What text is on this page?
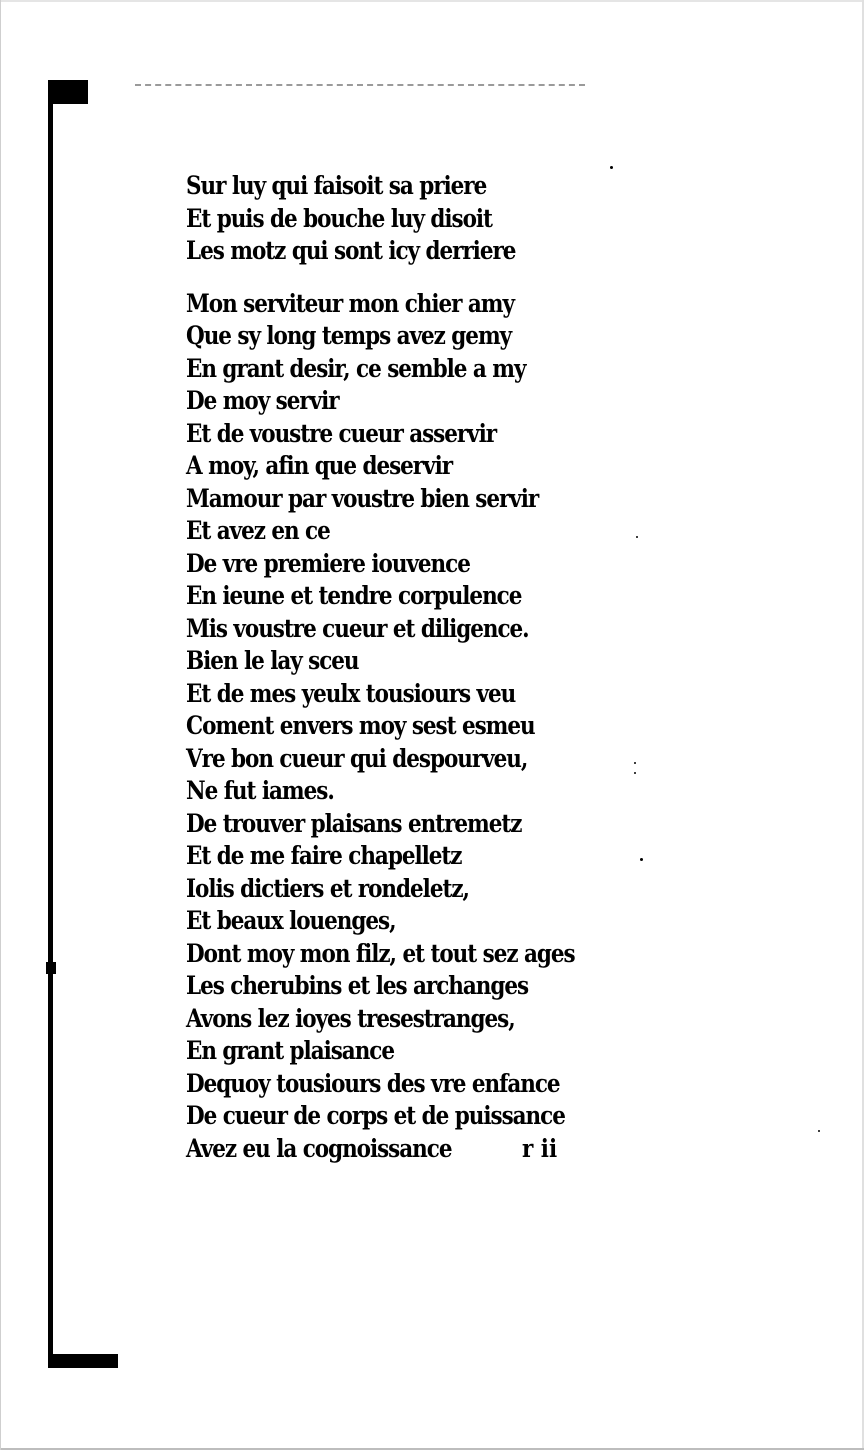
Sur luy qui faisoit sa priere
Et puis de bouche luy disoit
Les motz qui sont icy derriere
Mon serviteur mon chier amy
Que sy long temps avez gemy
En grant desir, ce semble a my
De moy servir
Et de voustre cueur asservir
A moy, afin que deservir
Mamour par voustre bien servir
Et avez en ce
De vre premiere iouvence
En ieune et tendre corpulence
Mis voustre cueur et diligence.
Bien le lay sceu
Et de mes yeulx tousiours veu
Coment envers moy sest esmeu
Vre bon cueur qui despourveu,
Ne fut iames.
De trouver plaisans entremetz
Et de me faire chapelletz
Iolis dictiers et rondeletz,
Et beaux louenges,
Dont moy mon filz, et tout sez ages
Les cherubins et les archanges
Avons lez ioyes tresestranges,
En grant plaisance
Dequoy tousiours des vre enfance
De cueur de corps et de puissance
Avez eu la cognoissance	r ii
